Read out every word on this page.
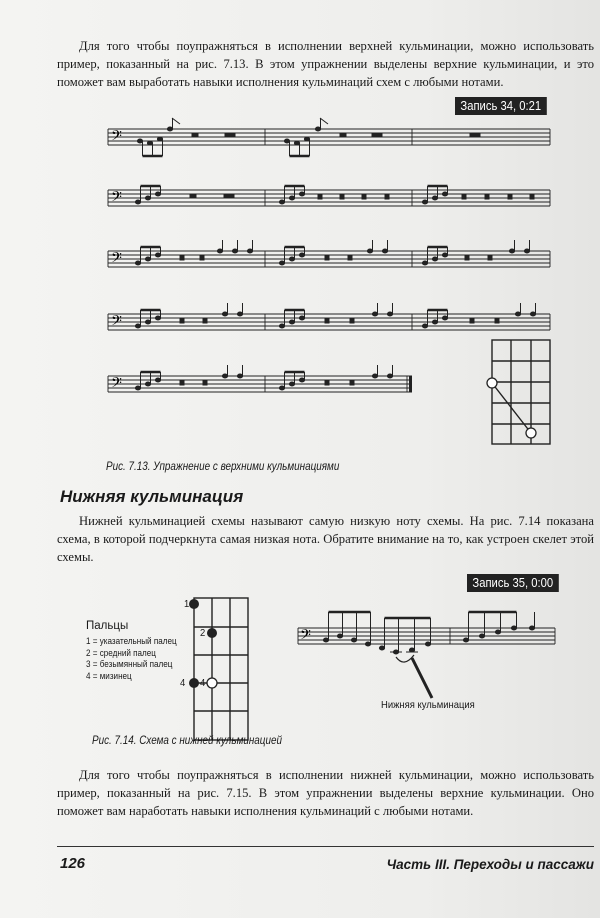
Для того чтобы поупражняться в исполнении верхней кульминации, можно использовать пример, показанный на рис. 7.13. В этом упражнении выделены верхние кульминации, и это поможет вам выработать навыки исполнения кульминаций схем с любыми нотами.

Запись 34, 0:21
𝄢
𝄢
𝄢
𝄢
𝄢
Рис. 7.13. Упражнение с верхними кульминациями
Нижняя кульминация

Нижней кульминацией схемы называют самую низкую ноту схемы. На рис. 7.14 показана схема, в которой подчеркнута самая низкая нота. Обратите внимание на то, как устроен скелет этой схемы.

Запись 35, 0:00
Пальцы
1 = указательный палец
2 = средний палец
3 = безымянный палец
4 = мизинец
𝄢
1
2
4 4
Нижняя кульминация
Рис. 7.14. Схема с нижней кульминацией

Для того чтобы поупражняться в исполнении нижней кульминации, можно использовать пример, показанный на рис. 7.15. В этом упражнении выделены верхние кульминации. Оно поможет вам наработать навыки исполнения кульминаций с любыми нотами.

126	Часть III. Переходы и пассажи
